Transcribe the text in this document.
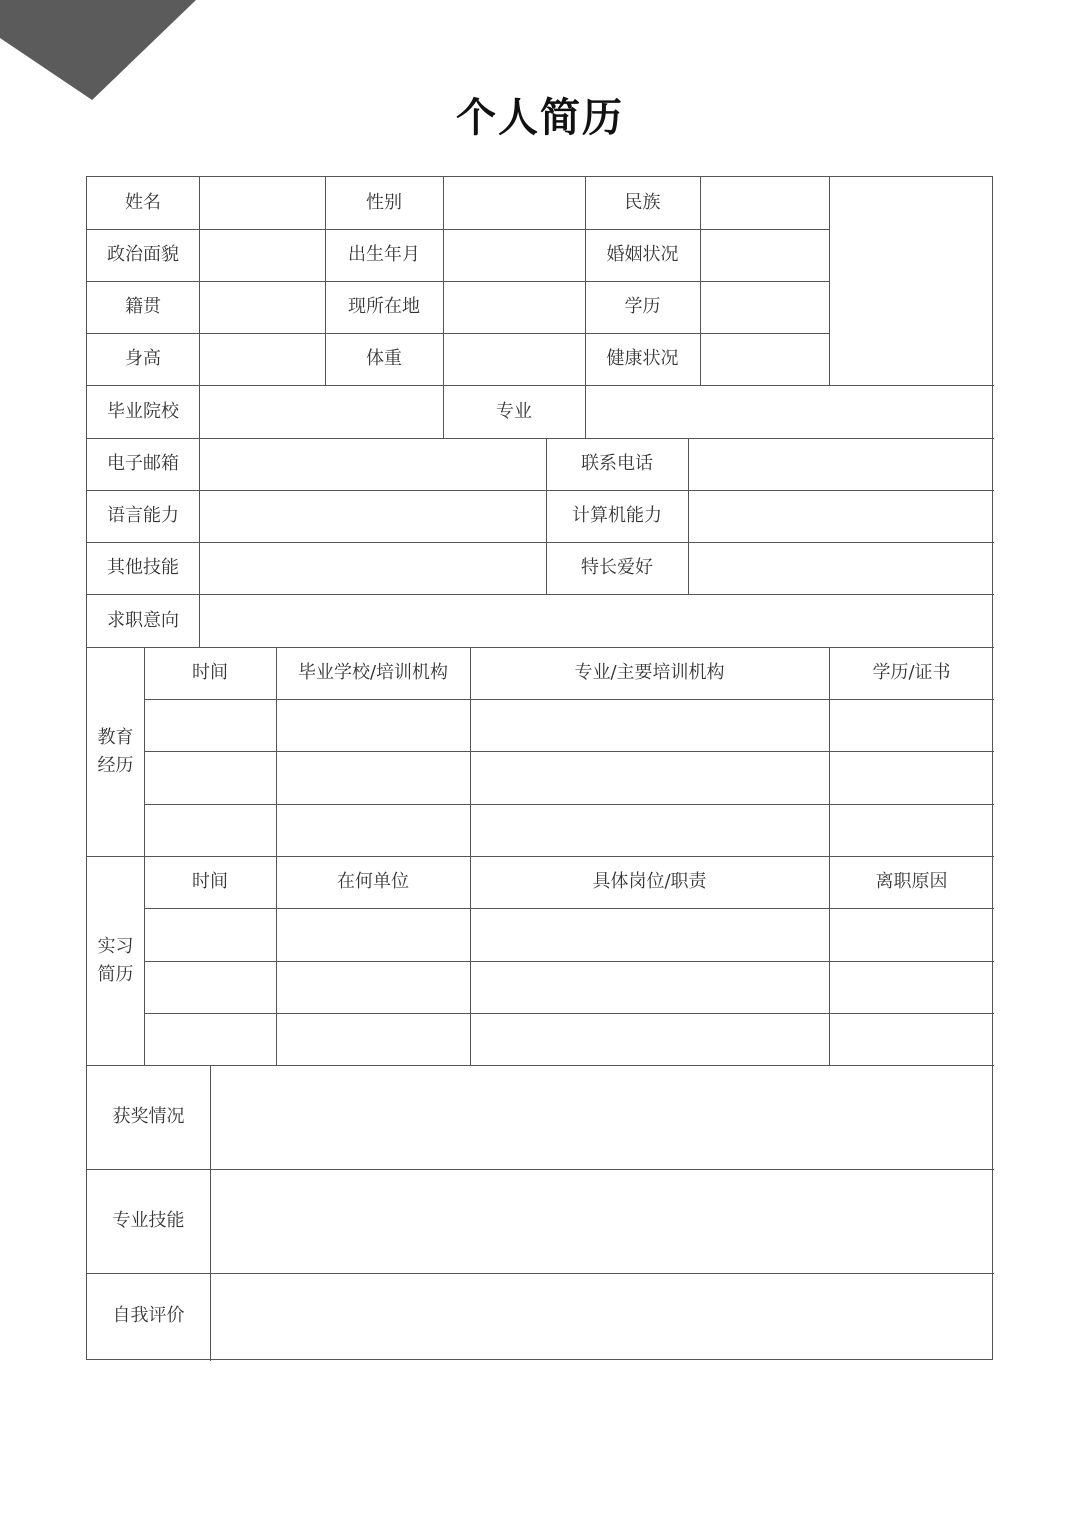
个人简历
姓名	性别	民族
政治面貌	出生年月	婚姻状况
籍贯	现所在地	学历
身高	体重	健康状况
毕业院校	专业
电子邮箱	联系电话
语言能力	计算机能力
其他技能	特长爱好
求职意向
教育经历
时间	毕业学校/培训机构	专业/主要培训机构	学历/证书
实习简历
时间	在何单位	具体岗位/职责	离职原因
获奖情况
专业技能
自我评价
